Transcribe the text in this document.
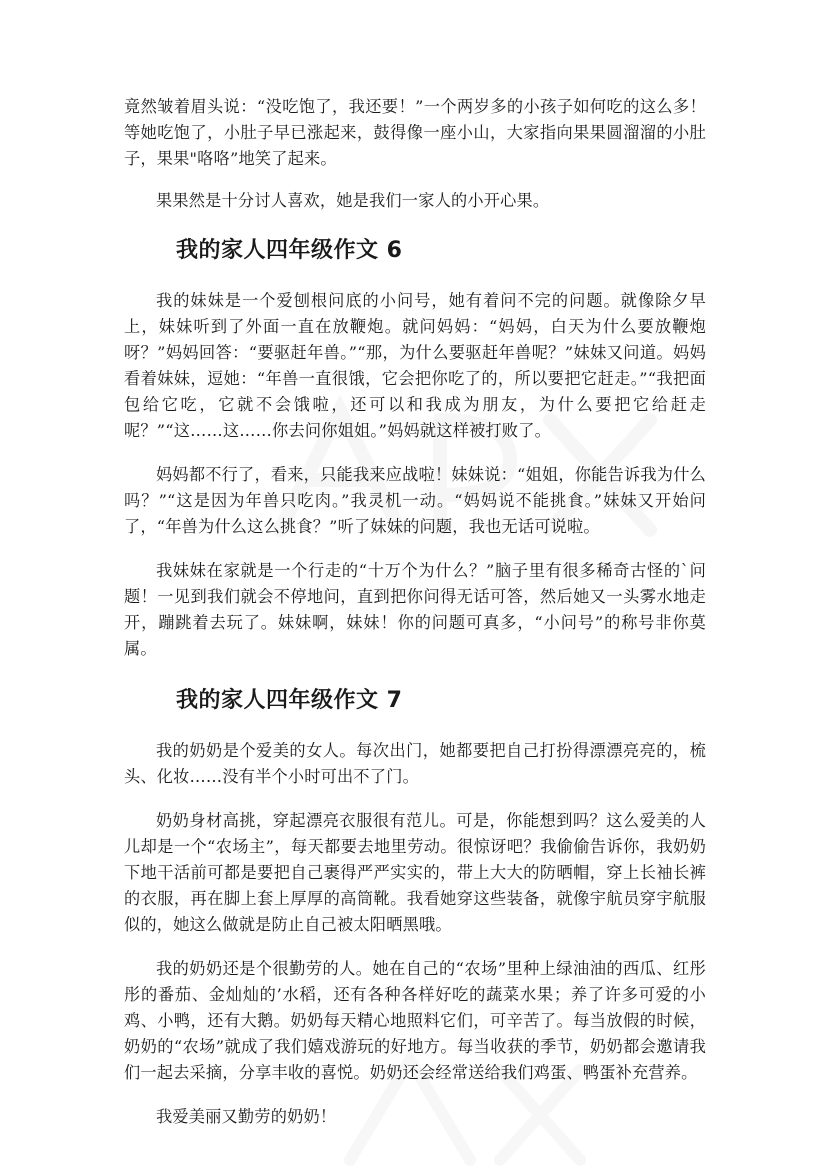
竟然皱着眉头说：“没吃饱了，我还要！”一个两岁多的小孩子如何吃的这么多！等她吃饱了，小肚子早已涨起来，鼓得像一座小山，大家指向果果圆溜溜的小肚子，果果"咯咯”地笑了起来。

果果然是十分讨人喜欢，她是我们一家人的小开心果。

我的家人四年级作文 6

我的妹妹是一个爱刨根问底的小问号，她有着问不完的问题。就像除夕早上，妹妹听到了外面一直在放鞭炮。就问妈妈：“妈妈，白天为什么要放鞭炮呀？”妈妈回答：“要驱赶年兽。”“那，为什么要驱赶年兽呢？”妹妹又问道。妈妈看着妹妹，逗她：“年兽一直很饿，它会把你吃了的，所以要把它赶走。”“我把面包给它吃，它就不会饿啦，还可以和我成为朋友，为什么要把它给赶走呢？”“这……这……你去问你姐姐。”妈妈就这样被打败了。

妈妈都不行了，看来，只能我来应战啦！妹妹说：“姐姐，你能告诉我为什么吗？”“这是因为年兽只吃肉。”我灵机一动。“妈妈说不能挑食。”妹妹又开始问了，“年兽为什么这么挑食？”听了妹妹的问题，我也无话可说啦。

我妹妹在家就是一个行走的“十万个为什么？”脑子里有很多稀奇古怪的`问题！一见到我们就会不停地问，直到把你问得无话可答，然后她又一头雾水地走开，蹦跳着去玩了。妹妹啊，妹妹！你的问题可真多，“小问号”的称号非你莫属。

我的家人四年级作文 7

我的奶奶是个爱美的女人。每次出门，她都要把自己打扮得漂漂亮亮的，梳头、化妆……没有半个小时可出不了门。

奶奶身材高挑，穿起漂亮衣服很有范儿。可是，你能想到吗？这么爱美的人儿却是一个“农场主”，每天都要去地里劳动。很惊讶吧？我偷偷告诉你，我奶奶下地干活前可都是要把自己裹得严严实实的，带上大大的防晒帽，穿上长袖长裤的衣服，再在脚上套上厚厚的高筒靴。我看她穿这些装备，就像宇航员穿宇航服似的，她这么做就是防止自己被太阳晒黑哦。

我的奶奶还是个很勤劳的人。她在自己的“农场”里种上绿油油的西瓜、红彤彤的番茄、金灿灿的’水稻，还有各种各样好吃的蔬菜水果；养了许多可爱的小鸡、小鸭，还有大鹅。奶奶每天精心地照料它们，可辛苦了。每当放假的时候，奶奶的“农场”就成了我们嬉戏游玩的好地方。每当收获的季节，奶奶都会邀请我们一起去采摘，分享丰收的喜悦。奶奶还会经常送给我们鸡蛋、鸭蛋补充营养。

我爱美丽又勤劳的奶奶！
